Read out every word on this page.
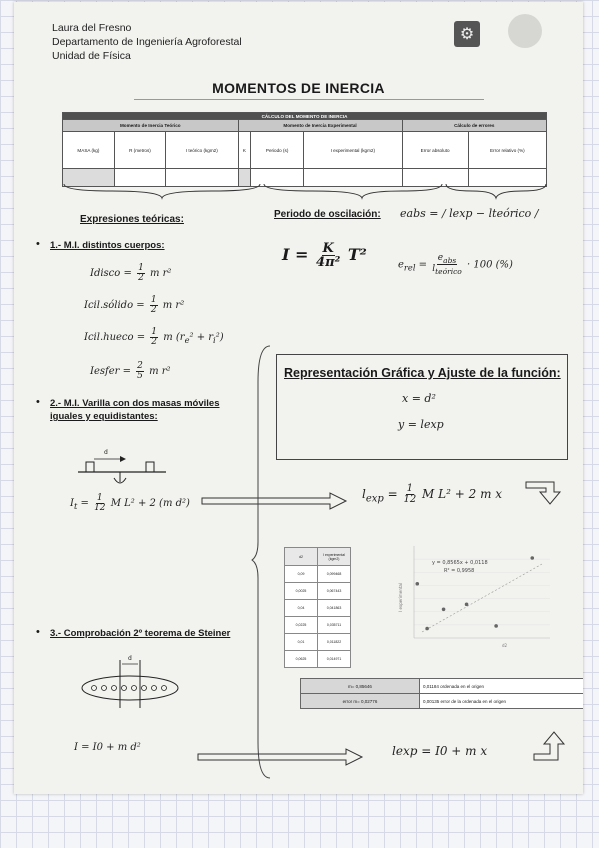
Laura del Fresno
Departamento de Ingeniería Agroforestal
Unidad de Física
⚙
MOMENTOS DE INERCIA
CÁLCULO DEL MOMENTO DE INERCIA							
Momento de Inercia Teórico			Momento de Inercia Experimental			Cálculo de errores	
MASA (kg)	R (metros)	I teórico (kgm2)	K	Periodo (s)	I experimental (kgm2)	Error absoluto	Error relativo (%)

Expresiones teóricas:	Periodo de oscilación: eabs = / lexp − lteórico /
$I = \frac{K}{\text{4π²}} T^2$
$e_{rel} = \frac{e_{abs}}{l_{teórico}} \cdot 100$ (%)
• 1.- M.I. distintos cuerpos:
Idisco = $\frac{1}{2}$ m r²
Icil.sólido = $\frac{1}{2}$ m r²
Icil.hueco = $\frac{1}{2}$ m $(r_e^2 + r_i^2)$
Iesfer = $\frac{2}{5}$ m r²
• 2.- M.I. Varilla con dos masas móviles
iguales y equidistantes:
d
$I_t = \frac{1}{12}$ M L² + 2 (m d²)
$l_{exp} = \frac{1}{12}$ M L² + 2 m x
Representación Gráfica y Ajuste de la función:
x = d²
y = lexp
d2	I experimental (kgm2)
0,09	0,099468
0,0025	0,067443
0,04	0,041863
0,0225	0,035711
0,01	0,011822
0,0625	0,014971
y = 0,8565x + 0,0118
R² = 0,9958
d2
I experimental
• 3.- Comprobación 2º teorema de Steiner
d
m= 0,85646	0,01184 ordenada en el origen
error m= 0,02776	0,00135 error de la ordenada en el origen
I = I0 + m d²	lexp = I0 + m x
